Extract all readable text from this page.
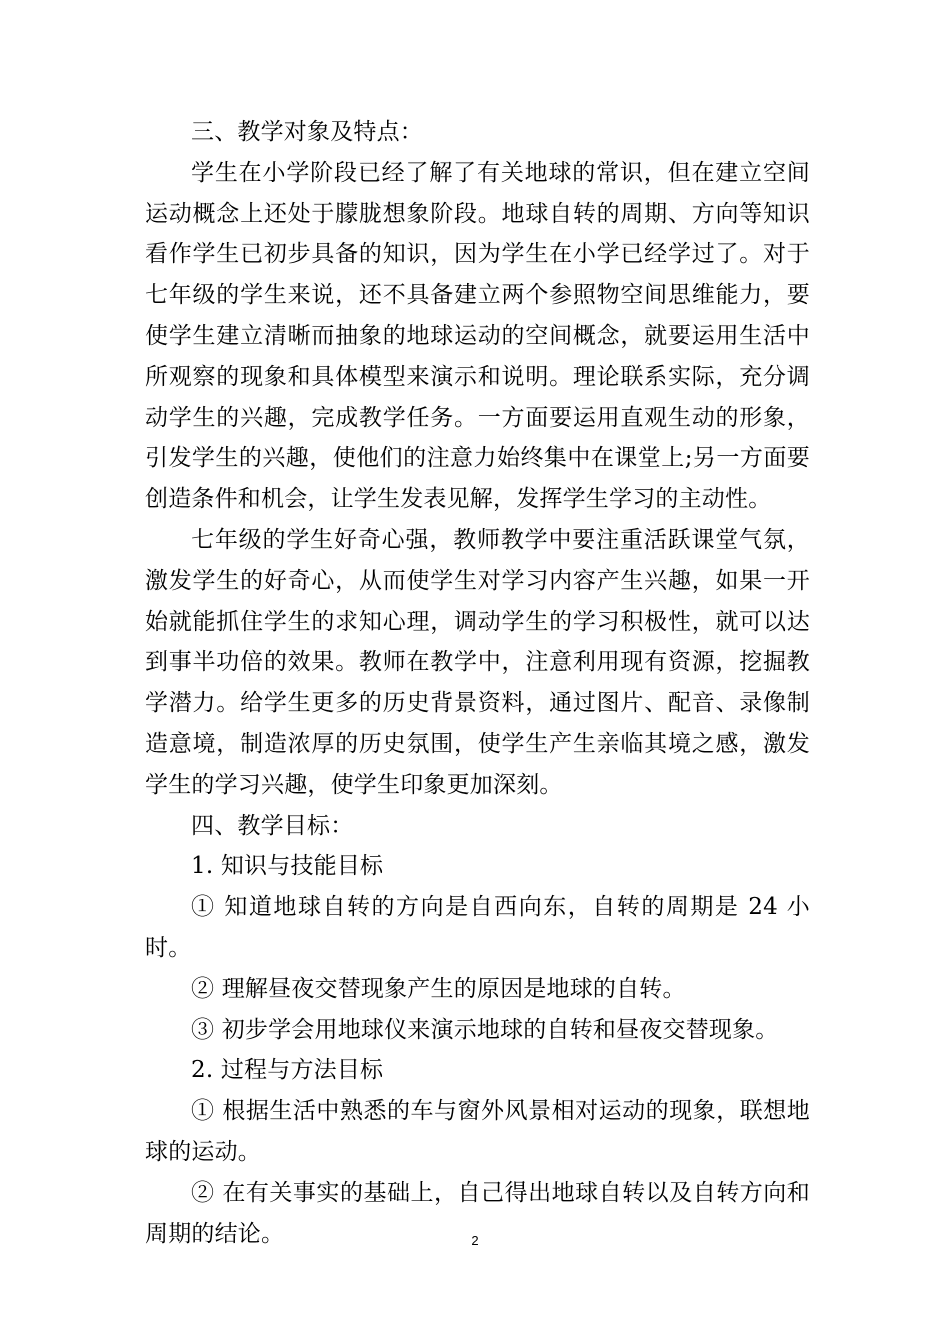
三、教学对象及特点：

学生在小学阶段已经了解了有关地球的常识，但在建立空间运动概念上还处于朦胧想象阶段。地球自转的周期、方向等知识看作学生已初步具备的知识，因为学生在小学已经学过了。对于七年级的学生来说，还不具备建立两个参照物空间思维能力，要使学生建立清晰而抽象的地球运动的空间概念，就要运用生活中所观察的现象和具体模型来演示和说明。理论联系实际，充分调动学生的兴趣，完成教学任务。一方面要运用直观生动的形象，引发学生的兴趣，使他们的注意力始终集中在课堂上;另一方面要创造条件和机会，让学生发表见解，发挥学生学习的主动性。

七年级的学生好奇心强，教师教学中要注重活跃课堂气氛，激发学生的好奇心，从而使学生对学习内容产生兴趣，如果一开始就能抓住学生的求知心理，调动学生的学习积极性，就可以达到事半功倍的效果。教师在教学中，注意利用现有资源，挖掘教学潜力。给学生更多的历史背景资料，通过图片、配音、录像制造意境，制造浓厚的历史氛围，使学生产生亲临其境之感，激发学生的学习兴趣，使学生印象更加深刻。

四、教学目标：

1. 知识与技能目标

① 知道地球自转的方向是自西向东，自转的周期是 24 小时。

② 理解昼夜交替现象产生的原因是地球的自转。

③ 初步学会用地球仪来演示地球的自转和昼夜交替现象。

2. 过程与方法目标

① 根据生活中熟悉的车与窗外风景相对运动的现象，联想地球的运动。

② 在有关事实的基础上，自己得出地球自转以及自转方向和周期的结论。	2
